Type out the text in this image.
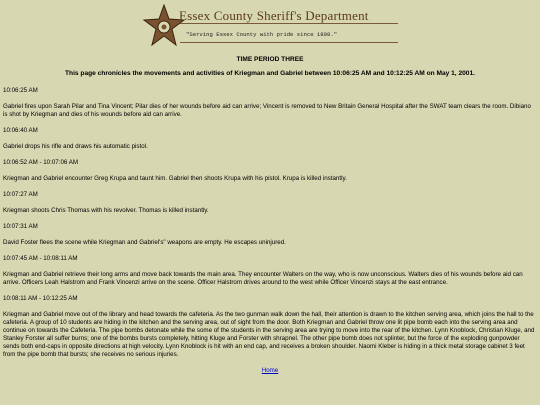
Essex County Sheriff's Department
"Serving Essex County with pride since 1898."
TIME PERIOD THREE
This page chronicles the movements and activities of Kriegman and Gabriel between 10:06:25 AM and 10:12:25 AM on May 1, 2001.
10:06:25 AM
Gabriel fires upon Sarah Pilar and Tina Vincent; Pilar dies of her wounds before aid can arrive; Vincent is removed to New Britain General Hospital after the SWAT team clears the room. Dibiano is shot by Kriegman and dies of his wounds before aid can arrive.
10:06:40 AM
Gabriel drops his rifle and draws his automatic pistol.
10:06:52 AM - 10:07:06 AM
Kriegman and Gabriel encounter Greg Krupa and taunt him. Gabriel then shoots Krupa with his pistol. Krupa is killed instantly.
10:07:27 AM
Kriegman shoots Chris Thomas with his revolver. Thomas is killed instantly.
10:07:31 AM
David Foster flees the scene while Kriegman and Gabriel's" weapons are empty. He escapes uninjured.
10:07:45 AM - 10:08:11 AM
Kriegman and Gabriel retrieve their long arms and move back towards the main area. They encounter Walters on the way, who is now unconscious. Walters dies of his wounds before aid can arrive. Officers Leah Halstrom and Frank Vincenzi arrive on the scene. Officer Halstrom drives around to the west while Officer Vincenzi stays at the east entrance.
10:08:11 AM - 10:12:25 AM
Kriegman and Gabriel move out of the library and head towards the cafeteria. As the two gunman walk down the hall, their attention is drawn to the kitchen serving area, which joins the hall to the cafeteria. A group of 10 students are hiding in the kitchen and the serving area, out of sight from the door. Both Kriegman and Gabriel throw one lit pipe bomb each into the serving area and continue on towards the Cafeteria. The pipe bombs detonate while the some of the students in the serving area are trying to move into the rear of the kitchen. Lynn Knoblock, Christian Kluge, and Stanley Forster all suffer burns; one of the bombs bursts completely, hitting Kluge and Forster with shrapnel. The other pipe bomb does not splinter, but the force of the exploding gunpowder sends both end-caps in opposite directions at high velocity. Lynn Knoblock is hit with an end cap, and receives a broken shoulder. Naomi Kleber is hiding in a thick metal storage cabinet 3 feet from the pipe bomb that bursts; she receives no serious injuries.
Home
